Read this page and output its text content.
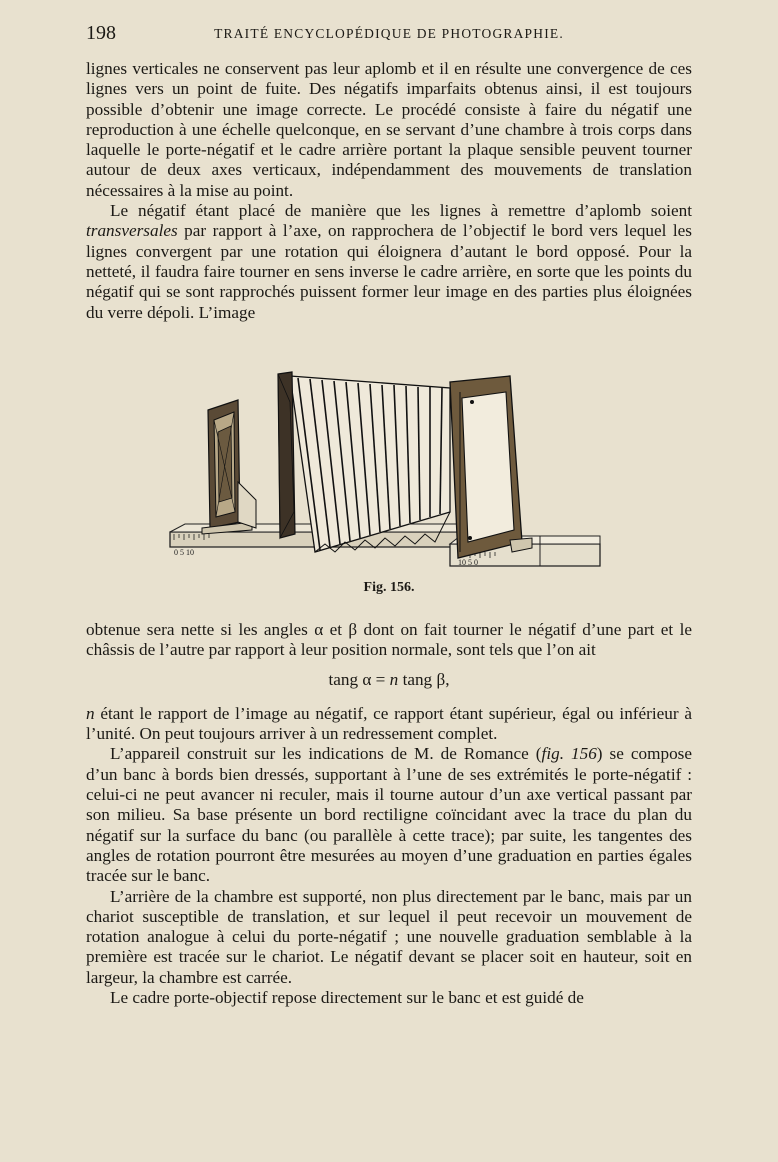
198	TRAITÉ ENCYCLOPÉDIQUE DE PHOTOGRAPHIE.

lignes verticales ne conservent pas leur aplomb et il en résulte une convergence de ces lignes vers un point de fuite. Des négatifs imparfaits obtenus ainsi, il est toujours possible d’obtenir une image correcte. Le procédé consiste à faire du négatif une reproduction à une échelle quelconque, en se servant d’une chambre à trois corps dans laquelle le porte-négatif et le cadre arrière portant la plaque sensible peuvent tourner autour de deux axes verticaux, indépendamment des mouvements de translation nécessaires à la mise au point.

Le négatif étant placé de manière que les lignes à remettre d’aplomb soient transversales par rapport à l’axe, on rapprochera de l’objectif le bord vers lequel les lignes convergent par une rotation qui éloignera d’autant le bord opposé. Pour la netteté, il faudra faire tourner en sens inverse le cadre arrière, en sorte que les points du négatif qui se sont rapprochés puissent former leur image en des parties plus éloignées du verre dépoli. L’image

0 5 10
10 5 0
Fig. 156.

obtenue sera nette si les angles α et β dont on fait tourner le négatif d’une part et le châssis de l’autre par rapport à leur position normale, sont tels que l’on ait

tang α = n tang β,

n étant le rapport de l’image au négatif, ce rapport étant supérieur, égal ou inférieur à l’unité. On peut toujours arriver à un redressement complet.

L’appareil construit sur les indications de M. de Romance (fig. 156) se compose d’un banc à bords bien dressés, supportant à l’une de ses extrémités le porte-négatif : celui-ci ne peut avancer ni reculer, mais il tourne autour d’un axe vertical passant par son milieu. Sa base présente un bord rectiligne coïncidant avec la trace du plan du négatif sur la surface du banc (ou parallèle à cette trace); par suite, les tangentes des angles de rotation pourront être mesurées au moyen d’une graduation en parties égales tracée sur le banc.

L’arrière de la chambre est supporté, non plus directement par le banc, mais par un chariot susceptible de translation, et sur lequel il peut recevoir un mouvement de rotation analogue à celui du porte-négatif ; une nouvelle graduation semblable à la première est tracée sur le chariot. Le négatif devant se placer soit en hauteur, soit en largeur, la chambre est carrée.

Le cadre porte-objectif repose directement sur le banc et est guidé de
